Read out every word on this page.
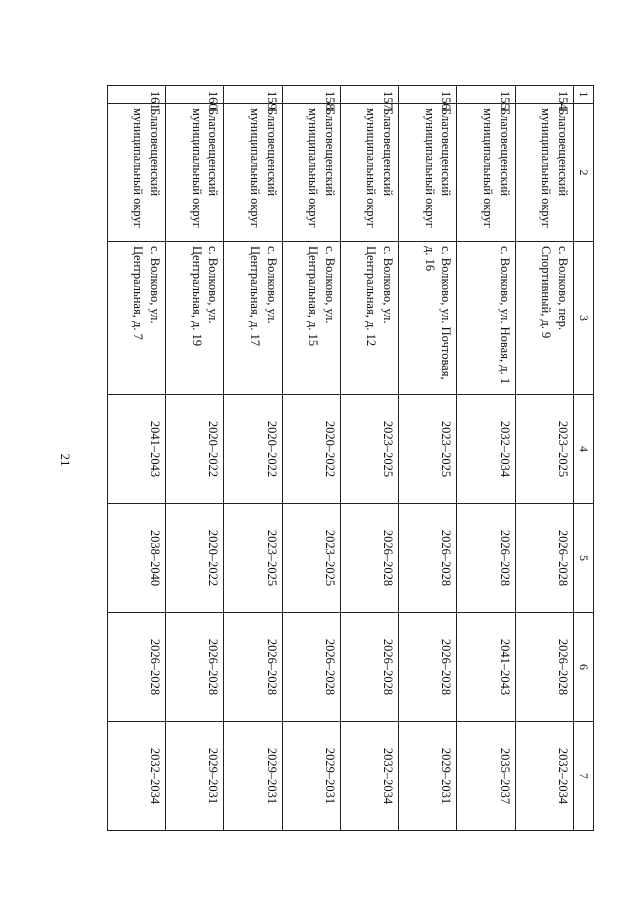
21
1	2	3	4	5	6	7
154	Благовещенский муниципальный округ	с. Волково, пер. Спортивный, д. 9	2023–2025	2026–2028	2026–2028	2032–2034
155	Благовещенский муниципальный округ	с. Волково, ул. Новая, д. 1	2032–2034	2026–2028	2041–2043	2035–2037
156	Благовещенский муниципальный округ	с. Волково, ул. Почтовая, д. 16	2023–2025	2026–2028	2026–2028	2029–2031
157	Благовещенский муниципальный округ	с. Волково, ул. Центральная, д. 12	2023–2025	2026–2028	2026–2028	2032–2034
158	Благовещенский муниципальный округ	с. Волково, ул. Центральная, д. 15	2020–2022	2023–2025	2026–2028	2029–2031
159	Благовещенский муниципальный округ	с. Волково, ул. Центральная, д. 17	2020–2022	2023–2025	2026–2028	2029–2031
160	Благовещенский муниципальный округ	с. Волково, ул. Центральная, д. 19	2020–2022	2020–2022	2026–2028	2029–2031
161	Благовещенский муниципальный округ	с. Волково, ул. Центральная, д. 7	2041–2043	2038–2040	2026–2028	2032–2034
